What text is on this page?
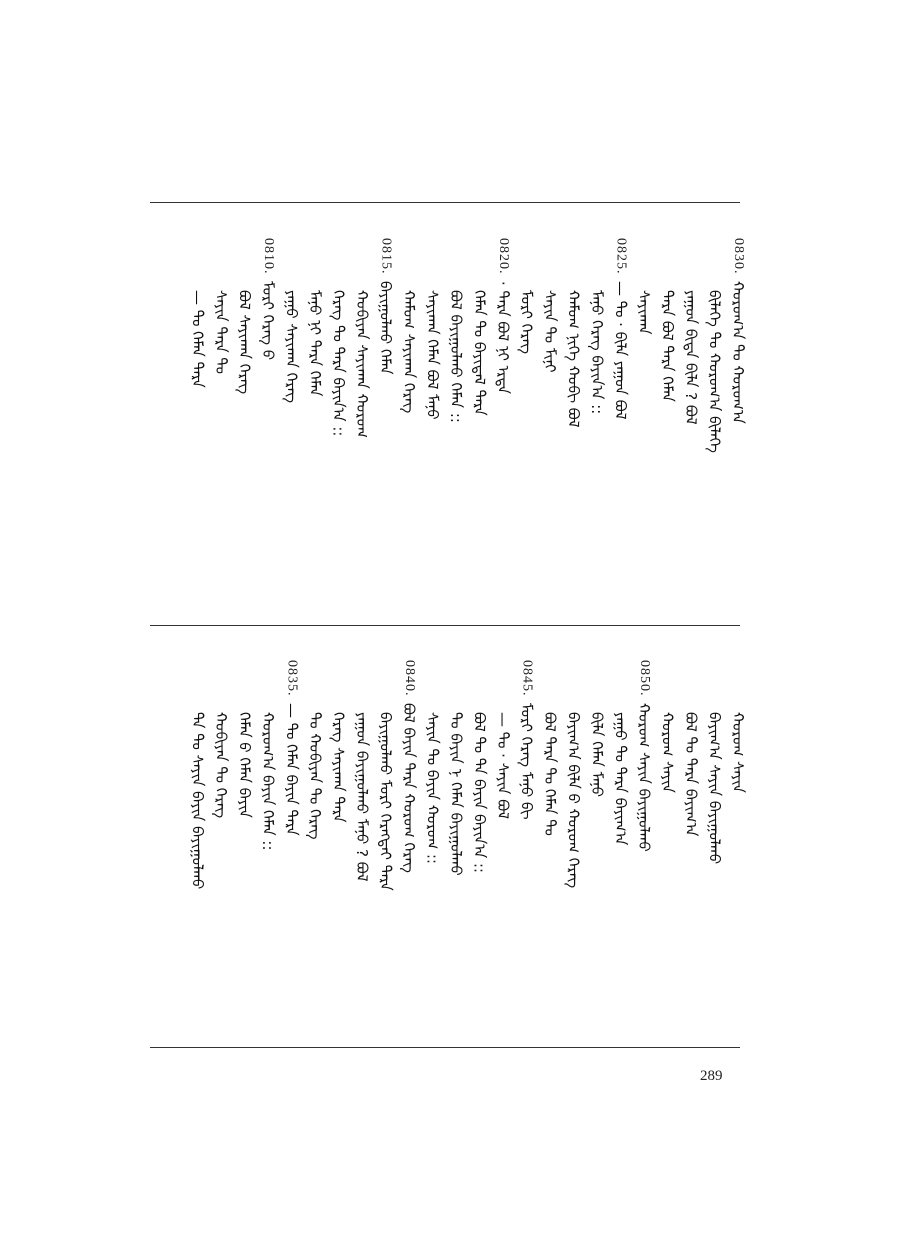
0830.
ᠬᠤᠷᠤᠭ᠎ᠠ ᠲᠤ ᠬᠤᠷᠤᠭ᠎ᠠ
ᠪᠢᠯᠡᠭᠡ ᠲᠤ ᠬᠤᠷᠤᠭ᠎ᠠ ᠪᠢᠯᠡᠭᠡ
ᠶᠠᠭᠤᠨ ᠪᠢᠳᠡ ᠪᠢᠯᠡ ? ᠪᠣᠯ
ᠲᠡᠷᠡ ᠪᠣᠯ ᠲᠡᠷᠡ ᠬᠡᠮᠡᠨ
ᠰᠠᠶᠢᠬᠠᠨ
0825.
— ᠲᠤ · ᠪᠢᠯᠡ ᠶᠠᠭᠤᠨ ᠪᠣᠯ
ᠮᠠᠨᠤ ᠬᠡᠷᠡᠭ ᠪᠠᠶᠢᠨ᠎ᠠ ::
ᠬᠠᠮᠤᠭ ᠨᠢᠭᠡ ᠬᠤᠪᠢ ᠪᠣᠯ
ᠰᠠᠶᠢᠨ ᠲᠤ ᠮᠢᠨᠢ
ᠮᠣᠷᠢ ᠬᠡᠷᠡᠭ
0820.
· ᠲᠡᠷᠡ ᠪᠣᠯ ᠨᠢ ᠡᠷᠲᠡ
ᠬᠡᠮᠡᠨ ᠲᠤ ᠪᠠᠶᠢᠳᠠᠯ ᠲᠡᠷᠡ
ᠪᠣᠯ ᠪᠠᠶᠢᠭᠤᠯᠬᠤ ᠬᠡᠮᠡᠨ ::
ᠰᠠᠶᠢᠬᠠᠨ ᠬᠡᠮᠡᠨ ᠪᠣᠯ ᠮᠠᠨᠤ
ᠬᠠᠮᠤᠭ ᠰᠠᠶᠢᠬᠠᠨ ᠬᠡᠷᠡᠭ
0815.
ᠪᠠᠶᠢᠭᠤᠯᠬᠤ ᠬᠡᠮᠡᠨ
ᠬᠤᠪᠢᠶᠠᠨ ᠰᠠᠶᠢᠬᠠᠨ ᠬᠤᠷᠤᠭ
ᠬᠡᠷᠡᠭ ᠲᠤ ᠲᠡᠷᠡ ᠪᠠᠶᠢᠨ᠎ᠠ ::
ᠮᠠᠨᠤ ᠨᠢ ᠲᠡᠷᠡ ᠬᠡᠮᠡᠨ
ᠶᠠᠭᠤ ᠰᠠᠶᠢᠬᠠᠨ ᠬᠡᠷᠡᠭ
0810.
ᠮᠣᠷᠢ ᠬᠡᠷᠡᠭ ᠪ
ᠪᠣᠯ ᠰᠠᠶᠢᠬᠠᠨ ᠬᠡᠷᠡᠭ
ᠰᠠᠶᠢᠨ ᠲᠡᠷᠡ ᠲᠤ
— ᠲᠤ ᠬᠡᠮᠡᠨ ᠲᠡᠷᠡ
ᠬᠤᠷᠤᠭ ᠰᠠᠶᠢᠨ
ᠪᠠᠶᠢᠭ᠎ᠠ ᠰᠠᠶᠢᠨ ᠪᠠᠶᠢᠭᠤᠯᠬᠤ
ᠪᠣᠯ ᠲᠤ ᠲᠡᠷᠡ ᠪᠠᠶᠢᠭ᠎ᠠ
ᠬᠤᠷᠤᠭ ᠰᠠᠶᠢᠨ
0850.
ᠬᠤᠷᠤᠭ ᠰᠠᠶᠢᠨ ᠪᠠᠶᠢᠭᠤᠯᠬᠤ
ᠶᠠᠭᠤ ᠲᠤ ᠲᠡᠷᠡ ᠪᠠᠶᠢᠭ᠎ᠠ
ᠪᠢᠯᠡ ᠬᠡᠮᠡᠨ ᠮᠠᠨᠤ
ᠪᠠᠶᠢᠭ᠎ᠠ ᠪᠢᠯᠡ ᠪ ᠬᠤᠷᠤᠭ ᠬᠡᠷᠡᠭ
ᠪᠣᠯ ᠲᠡᠷᠡ ᠲᠤ ᠬᠡᠮᠡᠨ ᠲᠤ
0845.
ᠮᠣᠷᠢ ᠬᠡᠷᠡᠭ ᠮᠠᠨᠤ ᠪᠢ
— ᠲᠤ · ᠰᠠᠶᠢᠨ ᠪᠣᠯ
ᠪᠣᠯ ᠲᠤ ᠲᠡ ᠪᠠᠶᠢᠨ ᠪᠠᠶᠢᠨ᠎ᠠ ::
ᠲᠤ ᠪᠠᠶᠢᠨ ᠨ ᠬᠡᠮᠡᠨ ᠪᠠᠶᠢᠭᠤᠯᠬᠤ
ᠰᠠᠶᠢᠨ ᠲᠤ ᠪᠠᠶᠢᠨ ᠬᠤᠷᠤᠭ ::
0840.
ᠪᠣᠯ ᠪᠠᠶᠢᠨ ᠲᠡᠷᠡ ᠬᠤᠷᠤᠭ ᠬᠡᠷᠡᠭ
ᠪᠠᠶᠢᠭᠤᠯᠬᠤ ᠮᠣᠷᠢ ᠬᠡᠷᠡᠭᠲᠡᠢ ᠲᠡᠷᠡ
ᠶᠠᠭᠤᠨ ᠪᠠᠶᠢᠭᠤᠯᠬᠤ ᠮᠠᠨᠤ ? ᠪᠣᠯ
ᠬᠡᠷᠡᠭ ᠰᠠᠶᠢᠬᠠᠨ ᠲᠡᠷᠡ
ᠲᠤ ᠬᠤᠪᠢᠶᠠᠨ ᠲᠤ ᠬᠡᠷᠡᠭ
0835.
— ᠲᠤ ᠬᠡᠮᠡᠨ ᠪᠠᠶᠢᠨ ᠲᠡᠷᠡ
ᠬᠤᠷᠤᠭ᠎ᠠ ᠪᠠᠶᠢᠨ ᠬᠡᠮᠡᠨ ::
ᠬᠡᠮᠡᠨ ᠪ ᠬᠡᠮᠡᠨ ᠪᠠᠶᠢᠨ
ᠬᠤᠪᠢᠶᠠᠨ ᠲᠤ ᠬᠡᠷᠡᠭ
ᠲᠡ ᠲᠤ ᠰᠠᠶᠢᠨ ᠪᠠᠶᠢᠨ ᠪᠠᠶᠢᠭᠤᠯᠬᠤ
289
